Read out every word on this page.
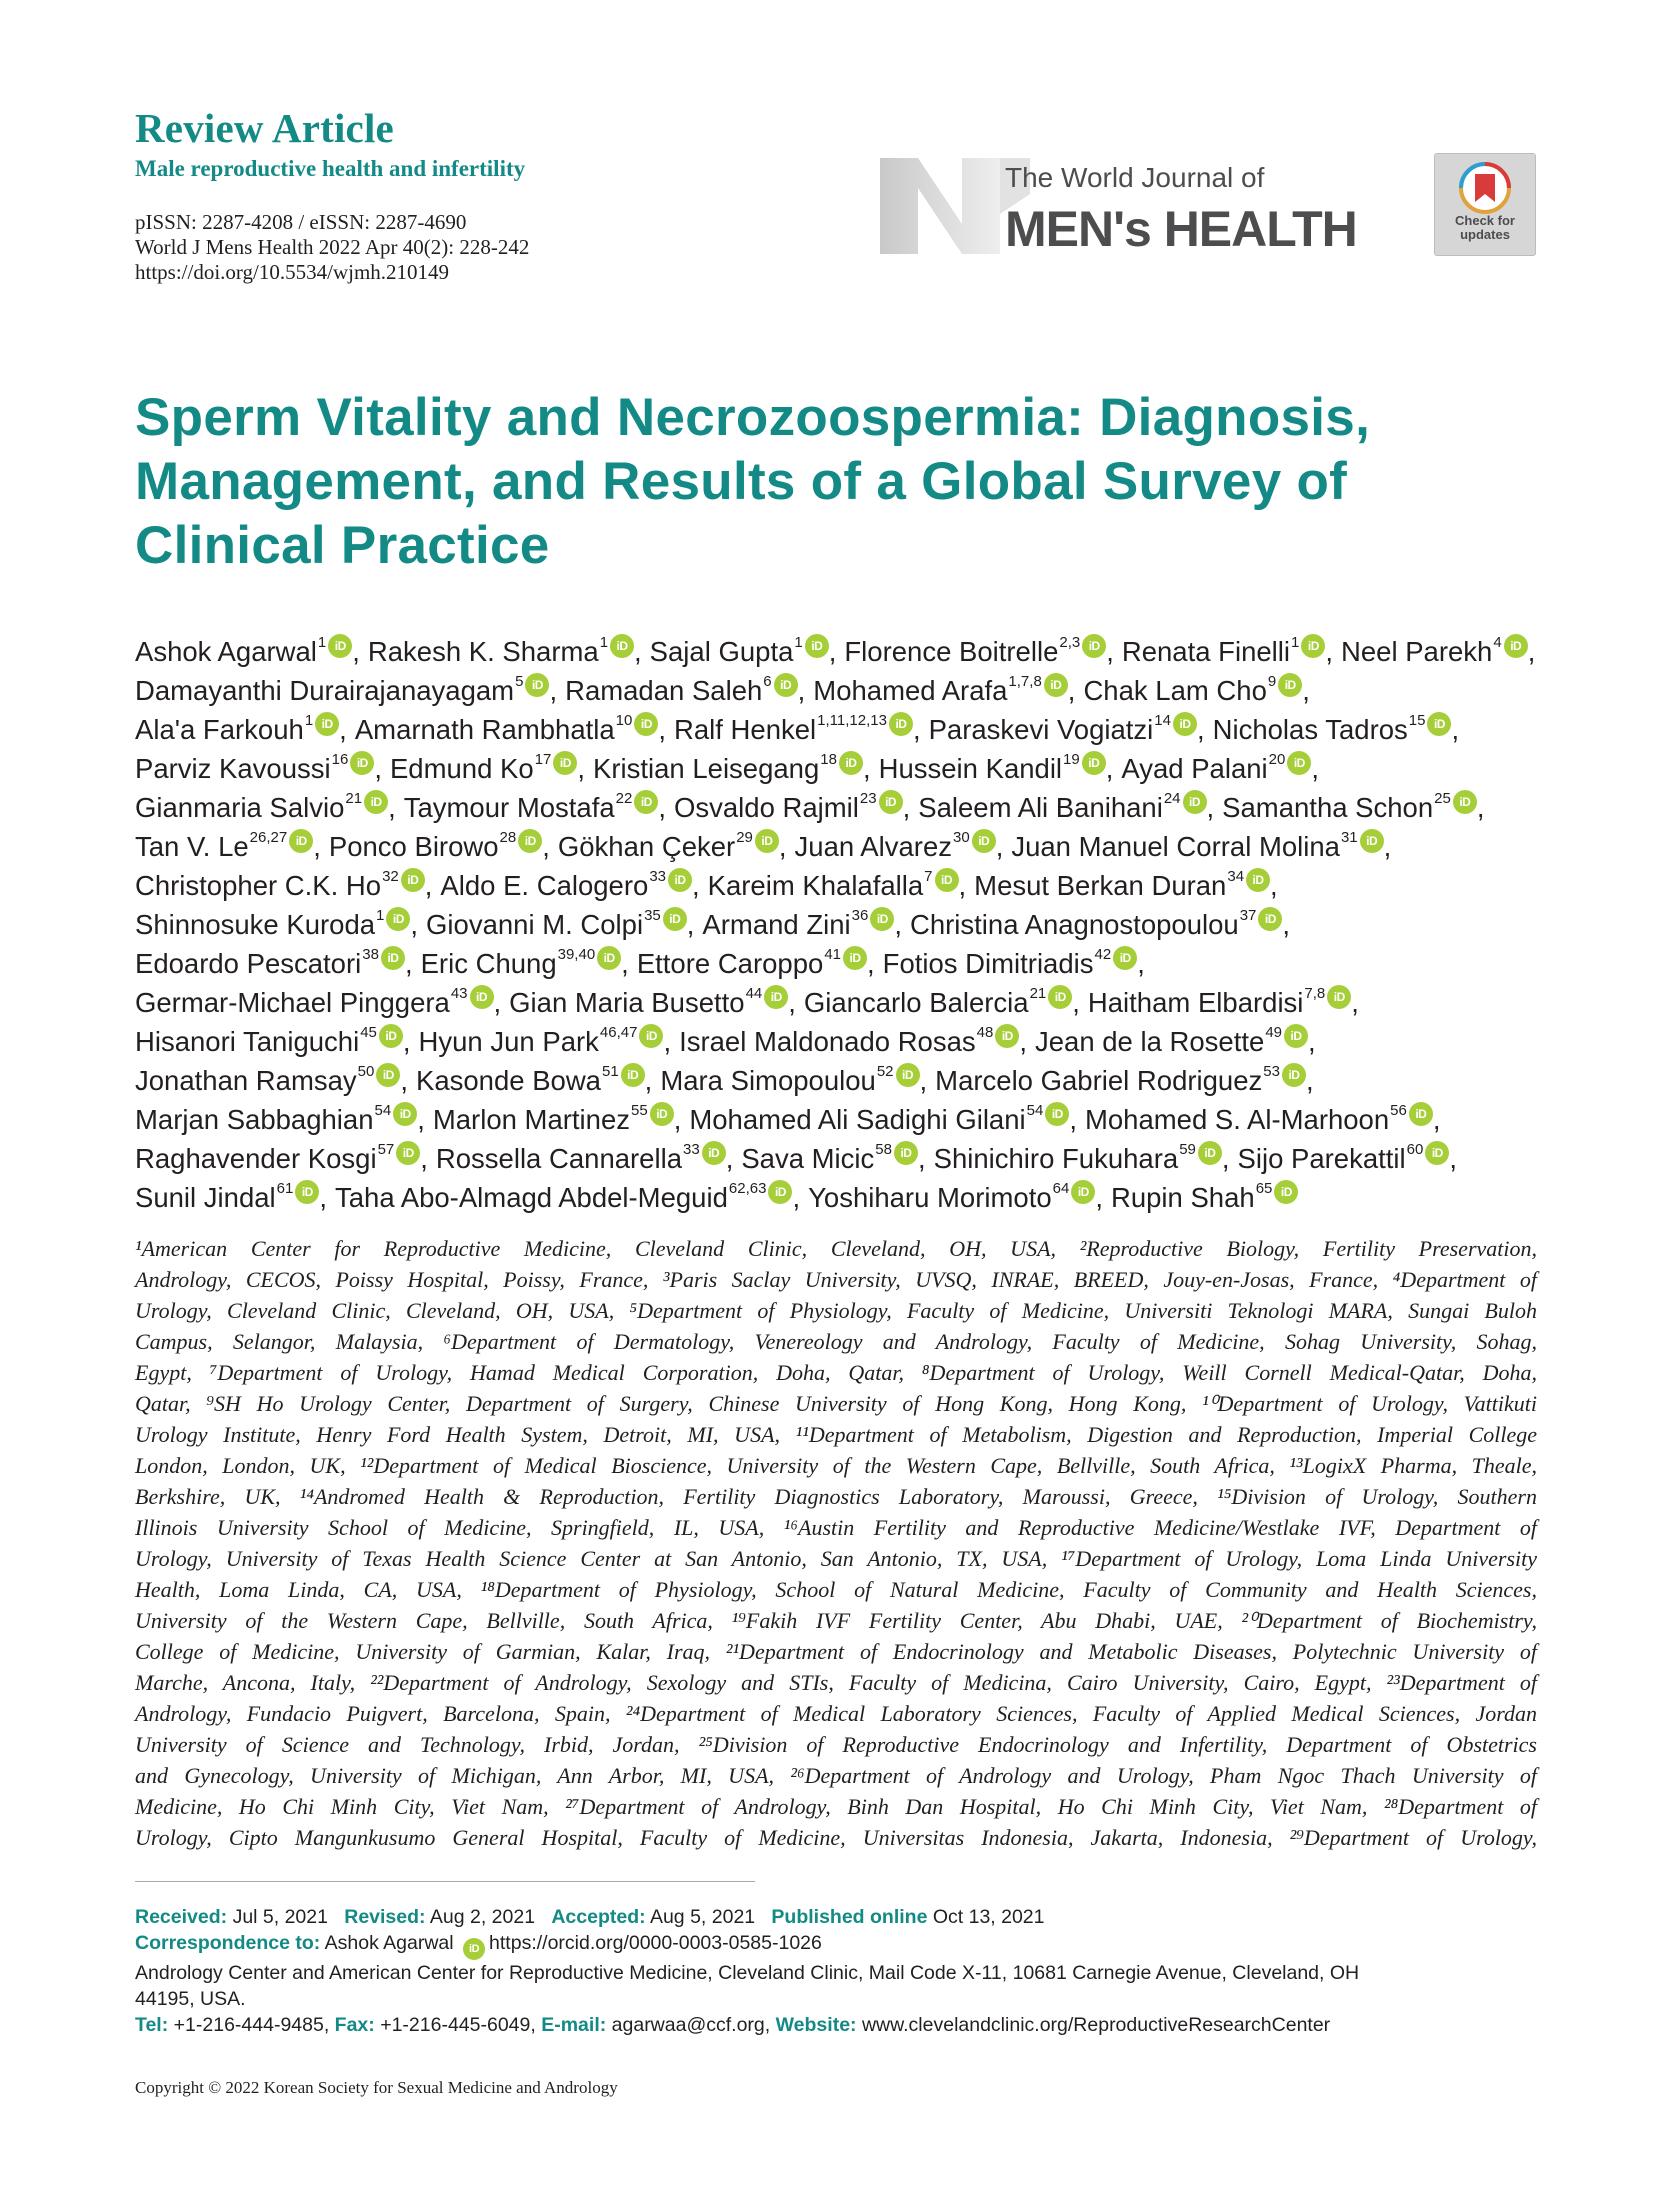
Review Article
Male reproductive health and infertility
pISSN: 2287-4208 / eISSN: 2287-4690
World J Mens Health 2022 Apr 40(2): 228-242
https://doi.org/10.5534/wjmh.210149
The World Journal of
MEN's HEALTH	Check for
updates
Sperm Vitality and Necrozoospermia: Diagnosis,
Management, and Results of a Global Survey of
Clinical Practice
Ashok Agarwal$^1$ iD , Rakesh K. Sharma$^1$ iD , Sajal Gupta$^1$ iD , Florence Boitrelle$^{2,3}$ iD , Renata Finelli$^1$ iD , Neel Parekh$^4$ iD ,
Damayanthi Durairajanayagam$^5$ iD , Ramadan Saleh$^6$ iD , Mohamed Arafa$^{1,7,8}$ iD , Chak Lam Cho$^9$ iD ,
Ala'a Farkouh$^1$ iD , Amarnath Rambhatla$^{10}$ iD , Ralf Henkel$^{1,11,12,13}$ iD , Paraskevi Vogiatzi$^{14}$ iD , Nicholas Tadros$^{15}$ iD ,
Parviz Kavoussi$^{16}$ iD , Edmund Ko$^{17}$ iD , Kristian Leisegang$^{18}$ iD , Hussein Kandil$^{19}$ iD , Ayad Palani$^{20}$ iD ,
Gianmaria Salvio$^{21}$ iD , Taymour Mostafa$^{22}$ iD , Osvaldo Rajmil$^{23}$ iD , Saleem Ali Banihani$^{24}$ iD , Samantha Schon$^{25}$ iD ,
Tan V. Le$^{26,27}$ iD , Ponco Birowo$^{28}$ iD , Gökhan Çeker$^{29}$ iD , Juan Alvarez$^{30}$ iD , Juan Manuel Corral Molina$^{31}$ iD ,
Christopher C.K. Ho$^{32}$ iD , Aldo E. Calogero$^{33}$ iD , Kareim Khalafalla$^7$ iD , Mesut Berkan Duran$^{34}$ iD ,
Shinnosuke Kuroda$^1$ iD , Giovanni M. Colpi$^{35}$ iD , Armand Zini$^{36}$ iD , Christina Anagnostopoulou$^{37}$ iD ,
Edoardo Pescatori$^{38}$ iD , Eric Chung$^{39,40}$ iD , Ettore Caroppo$^{41}$ iD , Fotios Dimitriadis$^{42}$ iD ,
Germar-Michael Pinggera$^{43}$ iD , Gian Maria Busetto$^{44}$ iD , Giancarlo Balercia$^{21}$ iD , Haitham Elbardisi$^{7,8}$ iD ,
Hisanori Taniguchi$^{45}$ iD , Hyun Jun Park$^{46,47}$ iD , Israel Maldonado Rosas$^{48}$ iD , Jean de la Rosette$^{49}$ iD ,
Jonathan Ramsay$^{50}$ iD , Kasonde Bowa$^{51}$ iD , Mara Simopoulou$^{52}$ iD , Marcelo Gabriel Rodriguez$^{53}$ iD ,
Marjan Sabbaghian$^{54}$ iD , Marlon Martinez$^{55}$ iD , Mohamed Ali Sadighi Gilani$^{54}$ iD , Mohamed S. Al-Marhoon$^{56}$ iD ,
Raghavender Kosgi$^{57}$ iD , Rossella Cannarella$^{33}$ iD , Sava Micic$^{58}$ iD , Shinichiro Fukuhara$^{59}$ iD , Sijo Parekattil$^{60}$ iD ,
Sunil Jindal$^{61}$ iD , Taha Abo-Almagd Abdel-Meguid$^{62,63}$ iD , Yoshiharu Morimoto$^{64}$ iD , Rupin Shah$^{65}$ iD
¹American Center for Reproductive Medicine, Cleveland Clinic, Cleveland, OH, USA, ²Reproductive Biology, Fertility Preservation,
Andrology, CECOS, Poissy Hospital, Poissy, France, ³Paris Saclay University, UVSQ, INRAE, BREED, Jouy-en-Josas, France, ⁴Department of
Urology, Cleveland Clinic, Cleveland, OH, USA, ⁵Department of Physiology, Faculty of Medicine, Universiti Teknologi MARA, Sungai Buloh
Campus, Selangor, Malaysia, ⁶Department of Dermatology, Venereology and Andrology, Faculty of Medicine, Sohag University, Sohag,
Egypt, ⁷Department of Urology, Hamad Medical Corporation, Doha, Qatar, ⁸Department of Urology, Weill Cornell Medical-Qatar, Doha,
Qatar, ⁹SH Ho Urology Center, Department of Surgery, Chinese University of Hong Kong, Hong Kong, ¹⁰Department of Urology, Vattikuti
Urology Institute, Henry Ford Health System, Detroit, MI, USA, ¹¹Department of Metabolism, Digestion and Reproduction, Imperial College
London, London, UK, ¹²Department of Medical Bioscience, University of the Western Cape, Bellville, South Africa, ¹³LogixX Pharma, Theale,
Berkshire, UK, ¹⁴Andromed Health & Reproduction, Fertility Diagnostics Laboratory, Maroussi, Greece, ¹⁵Division of Urology, Southern
Illinois University School of Medicine, Springfield, IL, USA, ¹⁶Austin Fertility and Reproductive Medicine/Westlake IVF, Department of
Urology, University of Texas Health Science Center at San Antonio, San Antonio, TX, USA, ¹⁷Department of Urology, Loma Linda University
Health, Loma Linda, CA, USA, ¹⁸Department of Physiology, School of Natural Medicine, Faculty of Community and Health Sciences,
University of the Western Cape, Bellville, South Africa, ¹⁹Fakih IVF Fertility Center, Abu Dhabi, UAE, ²⁰Department of Biochemistry,
College of Medicine, University of Garmian, Kalar, Iraq, ²¹Department of Endocrinology and Metabolic Diseases, Polytechnic University of
Marche, Ancona, Italy, ²²Department of Andrology, Sexology and STIs, Faculty of Medicina, Cairo University, Cairo, Egypt, ²³Department of
Andrology, Fundacio Puigvert, Barcelona, Spain, ²⁴Department of Medical Laboratory Sciences, Faculty of Applied Medical Sciences, Jordan
University of Science and Technology, Irbid, Jordan, ²⁵Division of Reproductive Endocrinology and Infertility, Department of Obstetrics
and Gynecology, University of Michigan, Ann Arbor, MI, USA, ²⁶Department of Andrology and Urology, Pham Ngoc Thach University of
Medicine, Ho Chi Minh City, Viet Nam, ²⁷Department of Andrology, Binh Dan Hospital, Ho Chi Minh City, Viet Nam, ²⁸Department of
Urology, Cipto Mangunkusumo General Hospital, Faculty of Medicine, Universitas Indonesia, Jakarta, Indonesia, ²⁹Department of Urology,
Received: Jul 5, 2021 Revised: Aug 2, 2021 Accepted: Aug 5, 2021 Published online Oct 13, 2021
Correspondence to: Ashok Agarwal iD https://orcid.org/0000-0003-0585-1026
Andrology Center and American Center for Reproductive Medicine, Cleveland Clinic, Mail Code X-11, 10681 Carnegie Avenue, Cleveland, OH
44195, USA.
Tel: +1-216-444-9485, Fax: +1-216-445-6049, E-mail: agarwaa@ccf.org, Website: www.clevelandclinic.org/ReproductiveResearchCenter
Copyright © 2022 Korean Society for Sexual Medicine and Andrology
